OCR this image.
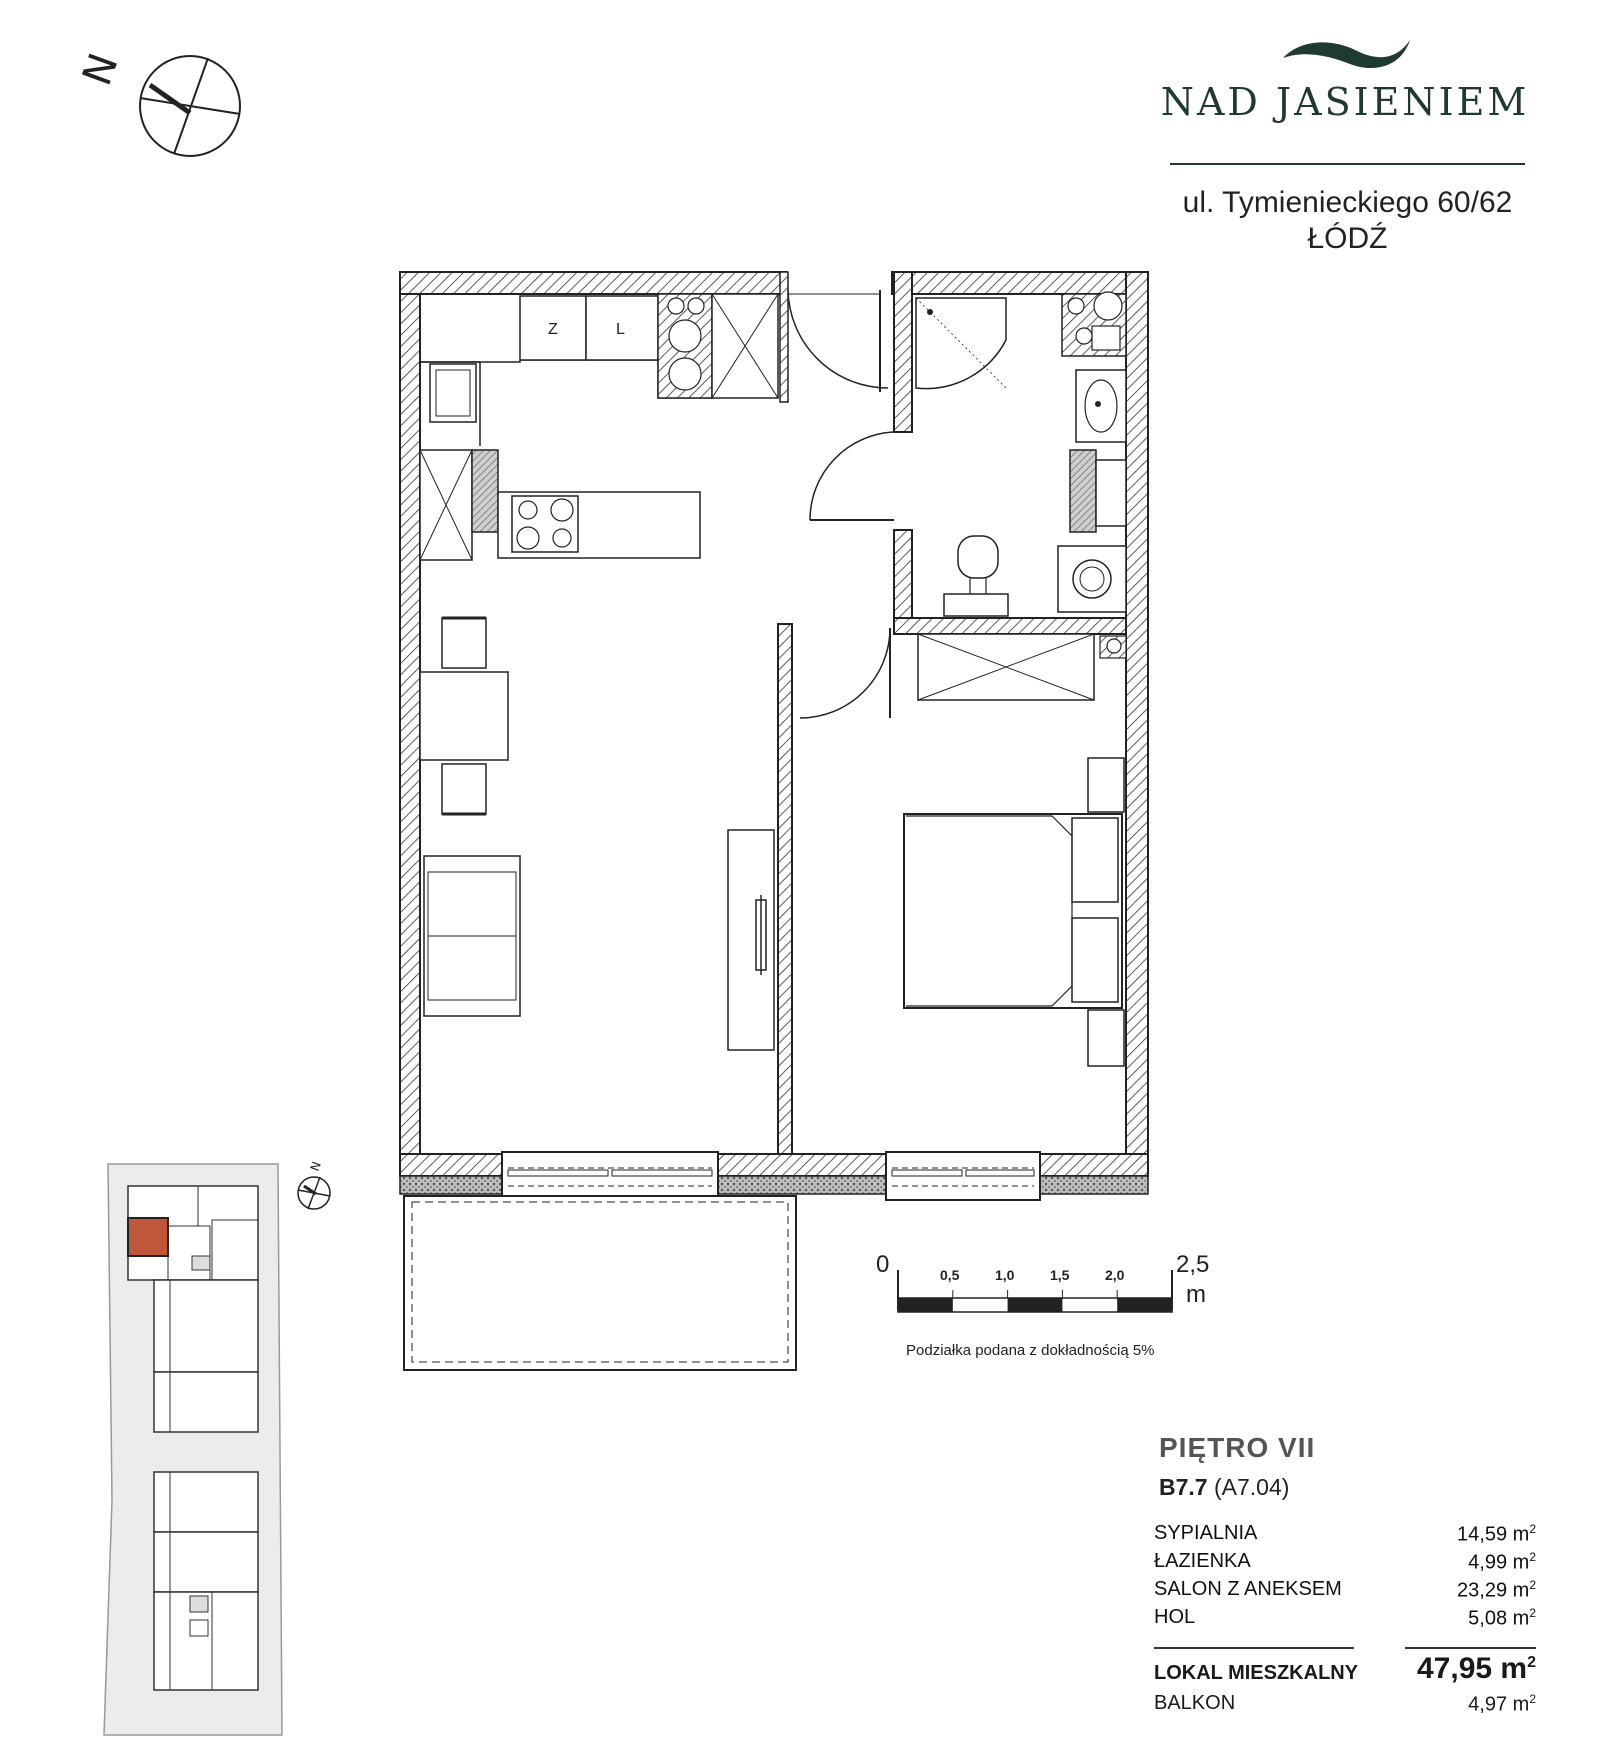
N
Z	L
N
0	0,5	1,0	1,5	2,0 2,5
m
NAD JASIENIEM
ul. Tymienieckiego 60/62
ŁÓDŹ
Podziałka podana z dokładnością 5%
PIĘTRO VII
B7.7 (A7.04)
SYPIALNIA	14,59 $m^2$
ŁAZIENKA	4,99 $m^2$
SALON Z ANEKSEM	23,29 $m^2$
HOL	5,08 $m^2$
LOKAL MIESZKALNY 47,95 $m^2$
BALKON	4,97 $m^2$
